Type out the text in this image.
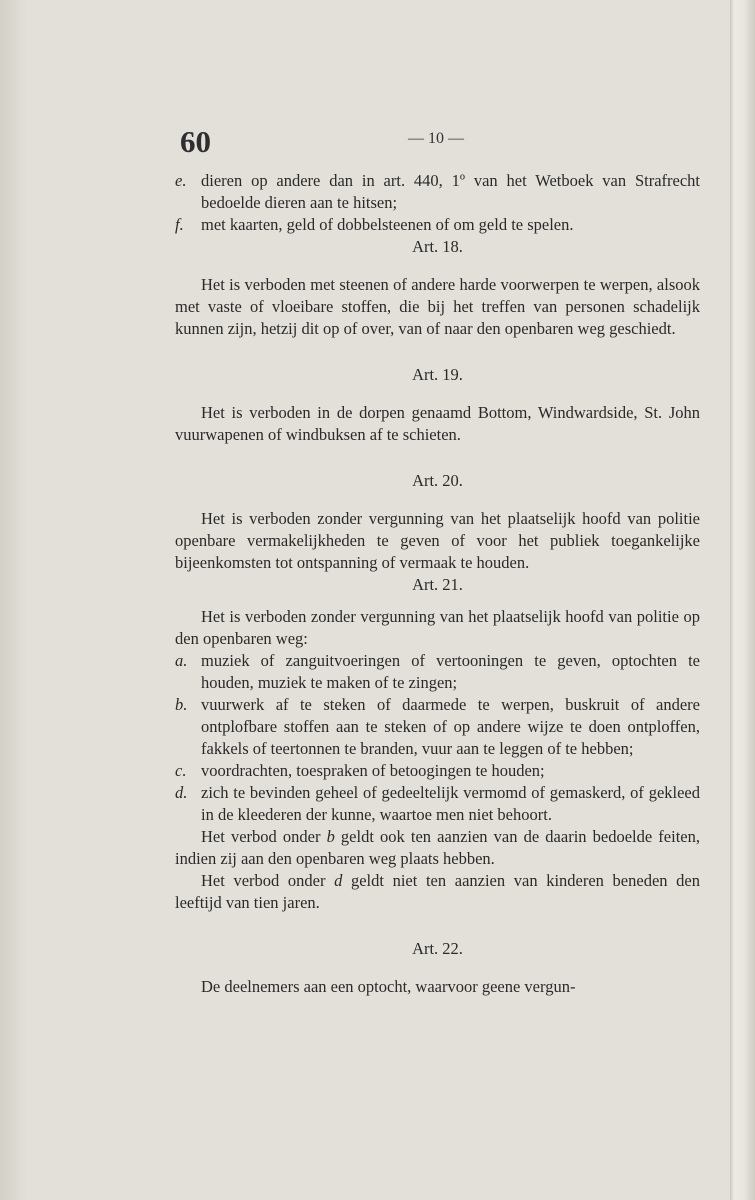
60	— 10 —
e. dieren op andere dan in art. 440, 1º van het Wetboek van Strafrecht bedoelde dieren aan te hitsen;
f.	met kaarten, geld of dobbelsteenen of om geld te spelen.
Art. 18.

Het is verboden met steenen of andere harde voorwerpen te werpen, alsook met vaste of vloeibare stoffen, die bij het treffen van personen schadelijk kunnen zijn, hetzij dit op of over, van of naar den openbaren weg geschiedt.

Art. 19.

Het is verboden in de dorpen genaamd Bottom, Windwardside, St. John vuurwapenen of windbuksen af te schieten.

Art. 20.

Het is verboden zonder vergunning van het plaatselijk hoofd van politie openbare vermakelijkheden te geven of voor het publiek toegankelijke bijeenkomsten tot ontspanning of vermaak te houden.

Art. 21.

Het is verboden zonder vergunning van het plaatselijk hoofd van politie op den openbaren weg:

a. muziek of zanguitvoeringen of vertooningen te geven, optochten te houden, muziek te maken of te zingen;
b. vuurwerk af te steken of daarmede te werpen, buskruit of andere ontplofbare stoffen aan te steken of op andere wijze te doen ontploffen, fakkels of teertonnen te branden, vuur aan te leggen of te hebben;
c. voordrachten, toespraken of betoogingen te houden;
d. zich te bevinden geheel of gedeeltelijk vermomd of gemaskerd, of gekleed in de kleederen der kunne, waartoe men niet behoort.

Het verbod onder b geldt ook ten aanzien van de daarin bedoelde feiten, indien zij aan den openbaren weg plaats hebben.

Het verbod onder d geldt niet ten aanzien van kinderen beneden den leeftijd van tien jaren.

Art. 22.

De deelnemers aan een optocht, waarvoor geene vergun-
